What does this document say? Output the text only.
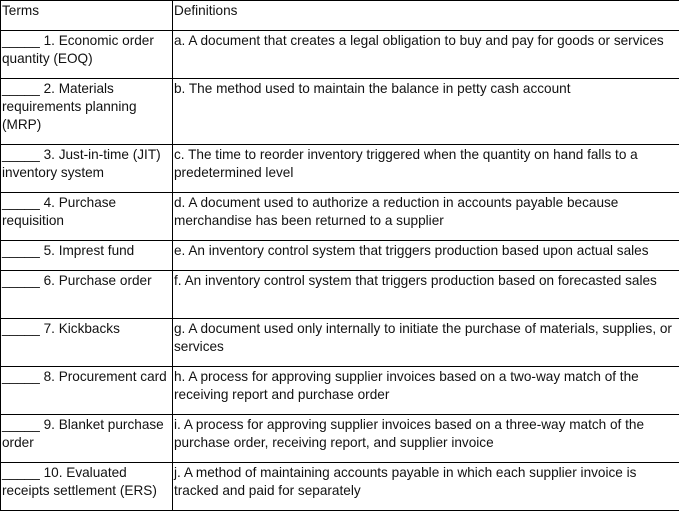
Terms	Definitions
_____ 1. Economic order quantity (EOQ)	a. A document that creates a legal obligation to buy and pay for goods or services
_____ 2. Materials requirements planning (MRP)	b. The method used to maintain the balance in petty cash account
_____ 3. Just-in-time (JIT) inventory system	c. The time to reorder inventory triggered when the quantity on hand falls to a predetermined level
_____ 4. Purchase requisition	d. A document used to authorize a reduction in accounts payable because merchandise has been returned to a supplier
_____ 5. Imprest fund	e. An inventory control system that triggers production based upon actual sales
_____ 6. Purchase order	f. An inventory control system that triggers production based on forecasted sales
_____ 7. Kickbacks	g. A document used only internally to initiate the purchase of materials, supplies, or services
_____ 8. Procurement card	h. A process for approving supplier invoices based on a two-way match of the receiving report and purchase order
_____ 9. Blanket purchase order	i. A process for approving supplier invoices based on a three-way match of the purchase order, receiving report, and supplier invoice
_____ 10. Evaluated receipts settlement (ERS)	j. A method of maintaining accounts payable in which each supplier invoice is tracked and paid for separately
